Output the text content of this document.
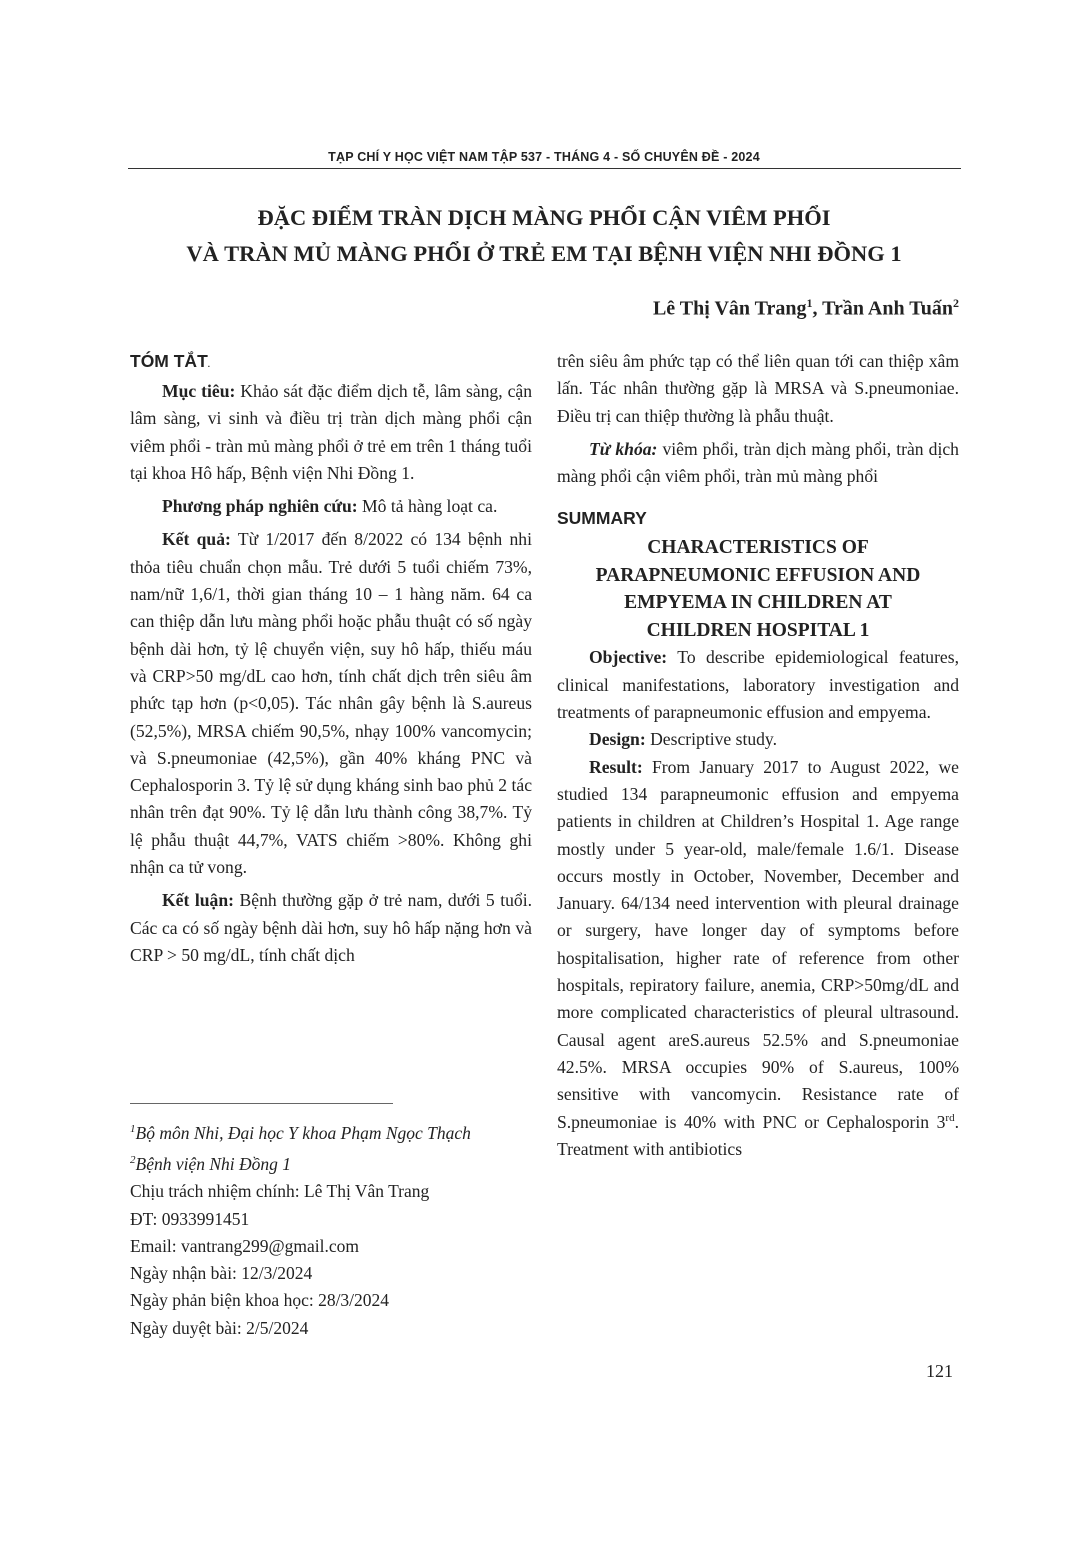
TẠP CHÍ Y HỌC VIỆT NAM TẬP 537 - THÁNG 4 - SỐ CHUYÊN ĐỀ - 2024
ĐẶC ĐIỂM TRÀN DỊCH MÀNG PHỔI CẬN VIÊM PHỔI
VÀ TRÀN MỦ MÀNG PHỔI Ở TRẺ EM TẠI BỆNH VIỆN NHI ĐỒNG 1
Lê Thị Vân Trang$^1$, Trần Anh Tuấn$^2$

TÓM TẮT.

Mục tiêu: Khảo sát đặc điểm dịch tễ, lâm sàng, cận lâm sàng, vi sinh và điều trị tràn dịch màng phổi cận viêm phổi - tràn mủ màng phổi ở trẻ em trên 1 tháng tuổi tại khoa Hô hấp, Bệnh viện Nhi Đồng 1.

Phương pháp nghiên cứu: Mô tả hàng loạt ca.

Kết quả: Từ 1/2017 đến 8/2022 có 134 bệnh nhi thỏa tiêu chuẩn chọn mẫu. Trẻ dưới 5 tuổi chiếm 73%, nam/nữ 1,6/1, thời gian tháng 10 – 1 hàng năm. 64 ca can thiệp dẫn lưu màng phổi hoặc phẫu thuật có số ngày bệnh dài hơn, tỷ lệ chuyển viện, suy hô hấp, thiếu máu và CRP>50 mg/dL cao hơn, tính chất dịch trên siêu âm phức tạp hơn (p<0,05). Tác nhân gây bệnh là S.aureus (52,5%), MRSA chiếm 90,5%, nhạy 100% vancomycin; và S.pneumoniae (42,5%), gần 40% kháng PNC và Cephalosporin 3. Tỷ lệ sử dụng kháng sinh bao phủ 2 tác nhân trên đạt 90%. Tỷ lệ dẫn lưu thành công 38,7%. Tỷ lệ phẫu thuật 44,7%, VATS chiếm >80%. Không ghi nhận ca tử vong.

Kết luận: Bệnh thường gặp ở trẻ nam, dưới 5 tuổi. Các ca có số ngày bệnh dài hơn, suy hô hấp nặng hơn và CRP > 50 mg/dL, tính chất dịch

trên siêu âm phức tạp có thể liên quan tới can thiệp xâm lấn. Tác nhân thường gặp là MRSA và S.pneumoniae. Điều trị can thiệp thường là phẫu thuật.

Từ khóa: viêm phổi, tràn dịch màng phổi, tràn dịch màng phổi cận viêm phổi, tràn mủ màng phổi

SUMMARY

CHARACTERISTICS OF
PARAPNEUMONIC EFFUSION AND
EMPYEMA IN CHILDREN AT
CHILDREN HOSPITAL 1

Objective: To describe epidemiological features, clinical manifestations, laboratory investigation and treatments of parapneumonic effusion and empyema.

Design: Descriptive study.

Result: From January 2017 to August 2022, we studied 134 parapneumonic effusion and empyema patients in children at Children’s Hospital 1. Age range mostly under 5 year-old, male/female 1.6/1. Disease occurs mostly in October, November, December and January. 64/134 need intervention with pleural drainage or surgery, have longer day of symptoms before hospitalisation, higher rate of reference from other hospitals, repiratory failure, anemia, CRP>50mg/dL and more complicated characteristics of pleural ultrasound. Causal agent areS.aureus 52.5% and S.pneumoniae 42.5%. MRSA occupies 90% of S.aureus, 100% sensitive with vancomycin. Resistance rate of S.pneumoniae is 40% with PNC or Cephalosporin 3rd. Treatment with antibiotics

$^1$Bộ môn Nhi, Đại học Y khoa Phạm Ngọc Thạch

$^2$Bệnh viện Nhi Đồng 1

Chịu trách nhiệm chính: Lê Thị Vân Trang

ĐT: 0933991451

Email: vantrang299@gmail.com

Ngày nhận bài: 12/3/2024

Ngày phản biện khoa học: 28/3/2024

Ngày duyệt bài: 2/5/2024

121
